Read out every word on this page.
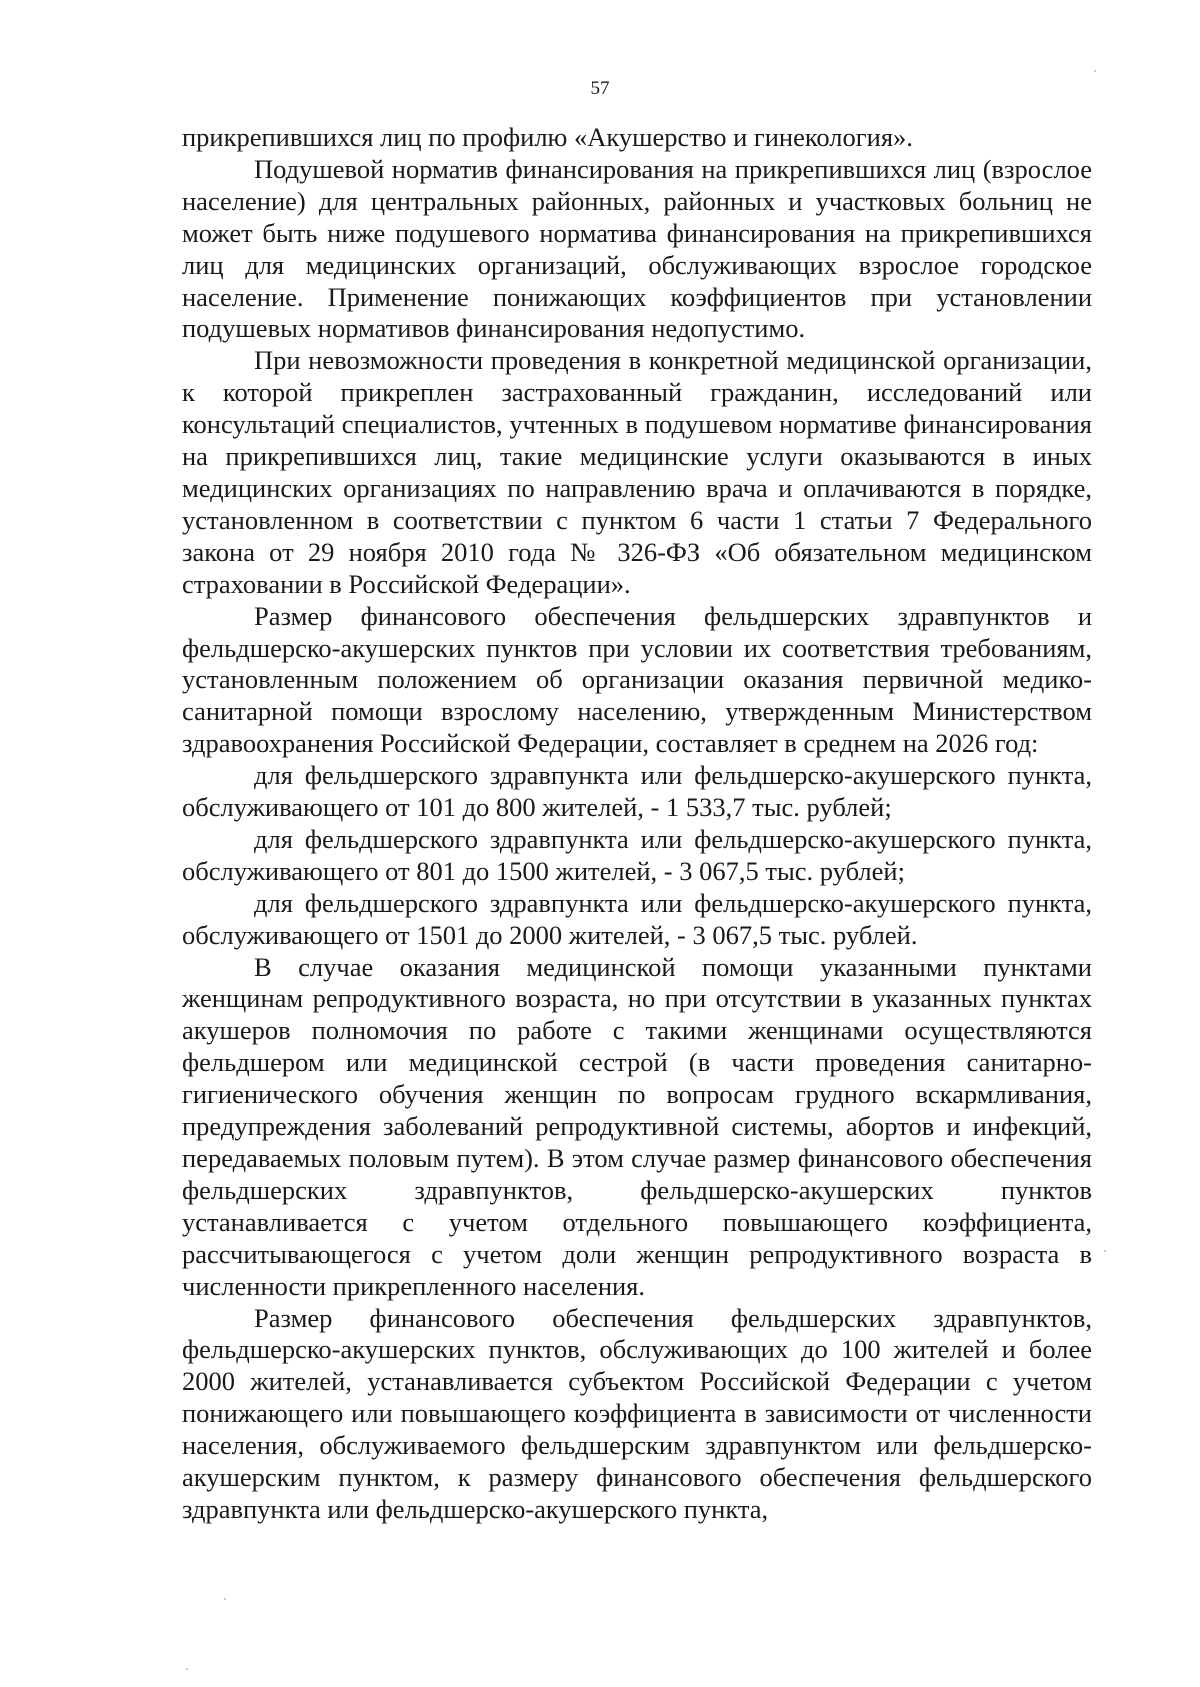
57

прикрепившихся лиц по профилю «Акушерство и гинекология».

Подушевой норматив финансирования на прикрепившихся лиц (взрослое население) для центральных районных, районных и участковых больниц не может быть ниже подушевого норматива финансирования на прикрепившихся лиц для медицинских организаций, обслуживающих взрослое городское население. Применение понижающих коэффициентов при установлении подушевых нормативов финансирования недопустимо.

При невозможности проведения в конкретной медицинской организации, к которой прикреплен застрахованный гражданин, исследований или консультаций специалистов, учтенных в подушевом нормативе финансирования на прикрепившихся лиц, такие медицинские услуги оказываются в иных медицинских организациях по направлению врача и оплачиваются в порядке, установленном в соответствии с пунктом 6 части 1 статьи 7 Федерального закона от 29 ноября 2010 года № 326-ФЗ «Об обязательном медицинском страховании в Российской Федерации».

Размер финансового обеспечения фельдшерских здравпунктов и фельдшерско-акушерских пунктов при условии их соответствия требованиям, установленным положением об организации оказания первичной медико-санитарной помощи взрослому населению, утвержденным Министерством здравоохранения Российской Федерации, составляет в среднем на 2026 год:

для фельдшерского здравпункта или фельдшерско-акушерского пункта, обслуживающего от 101 до 800 жителей, - 1 533,7 тыс. рублей;

для фельдшерского здравпункта или фельдшерско-акушерского пункта, обслуживающего от 801 до 1500 жителей, - 3 067,5 тыс. рублей;

для фельдшерского здравпункта или фельдшерско-акушерского пункта, обслуживающего от 1501 до 2000 жителей, - 3 067,5 тыс. рублей.

В случае оказания медицинской помощи указанными пунктами женщинам репродуктивного возраста, но при отсутствии в указанных пунктах акушеров полномочия по работе с такими женщинами осуществляются фельдшером или медицинской сестрой (в части проведения санитарно-гигиенического обучения женщин по вопросам грудного вскармливания, предупреждения заболеваний репродуктивной системы, абортов и инфекций, передаваемых половым путем). В этом случае размер финансового обеспечения фельдшерских здравпунктов, фельдшерско-акушерских пунктов устанавливается с учетом отдельного повышающего коэффициента, рассчитывающегося с учетом доли женщин репродуктивного возраста в численности прикрепленного населения.

Размер финансового обеспечения фельдшерских здравпунктов, фельдшерско-акушерских пунктов, обслуживающих до 100 жителей и более 2000 жителей, устанавливается субъектом Российской Федерации с учетом понижающего или повышающего коэффициента в зависимости от численности населения, обслуживаемого фельдшерским здравпунктом или фельдшерско-акушерским пунктом, к размеру финансового обеспечения фельдшерского здравпункта или фельдшерско-акушерского пункта,
